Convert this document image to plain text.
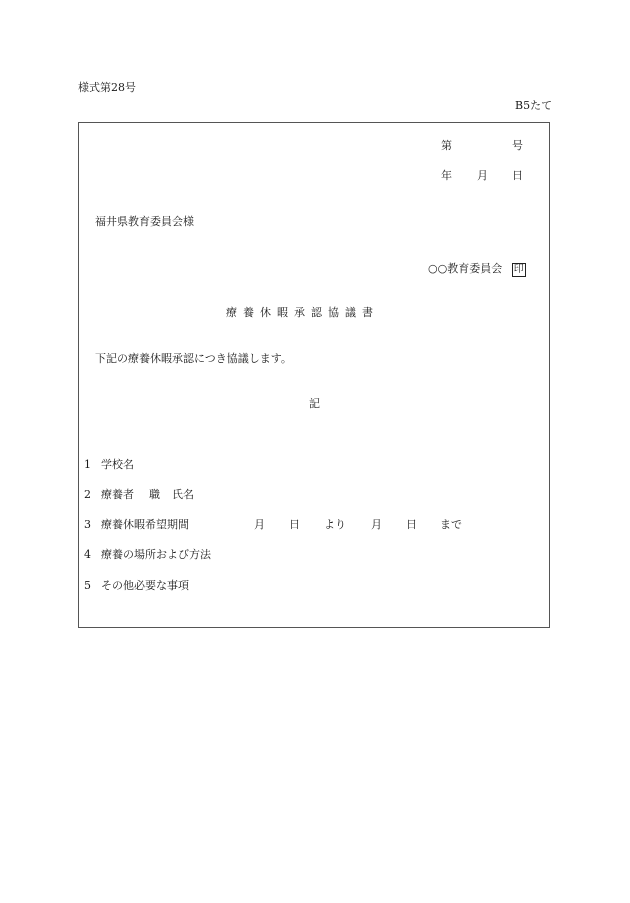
様式第28号
B5たて
第	号
年 月 日
福井県教育委員会様
○○教育委員会 印
療養休暇承認協議書
下記の療養休暇承認につき協議します。
記
1 学校名
2 療養者 職 氏名
3 療養休暇希望期間	月 日 より 月 日 まで
4 療養の場所および方法
5 その他必要な事項
